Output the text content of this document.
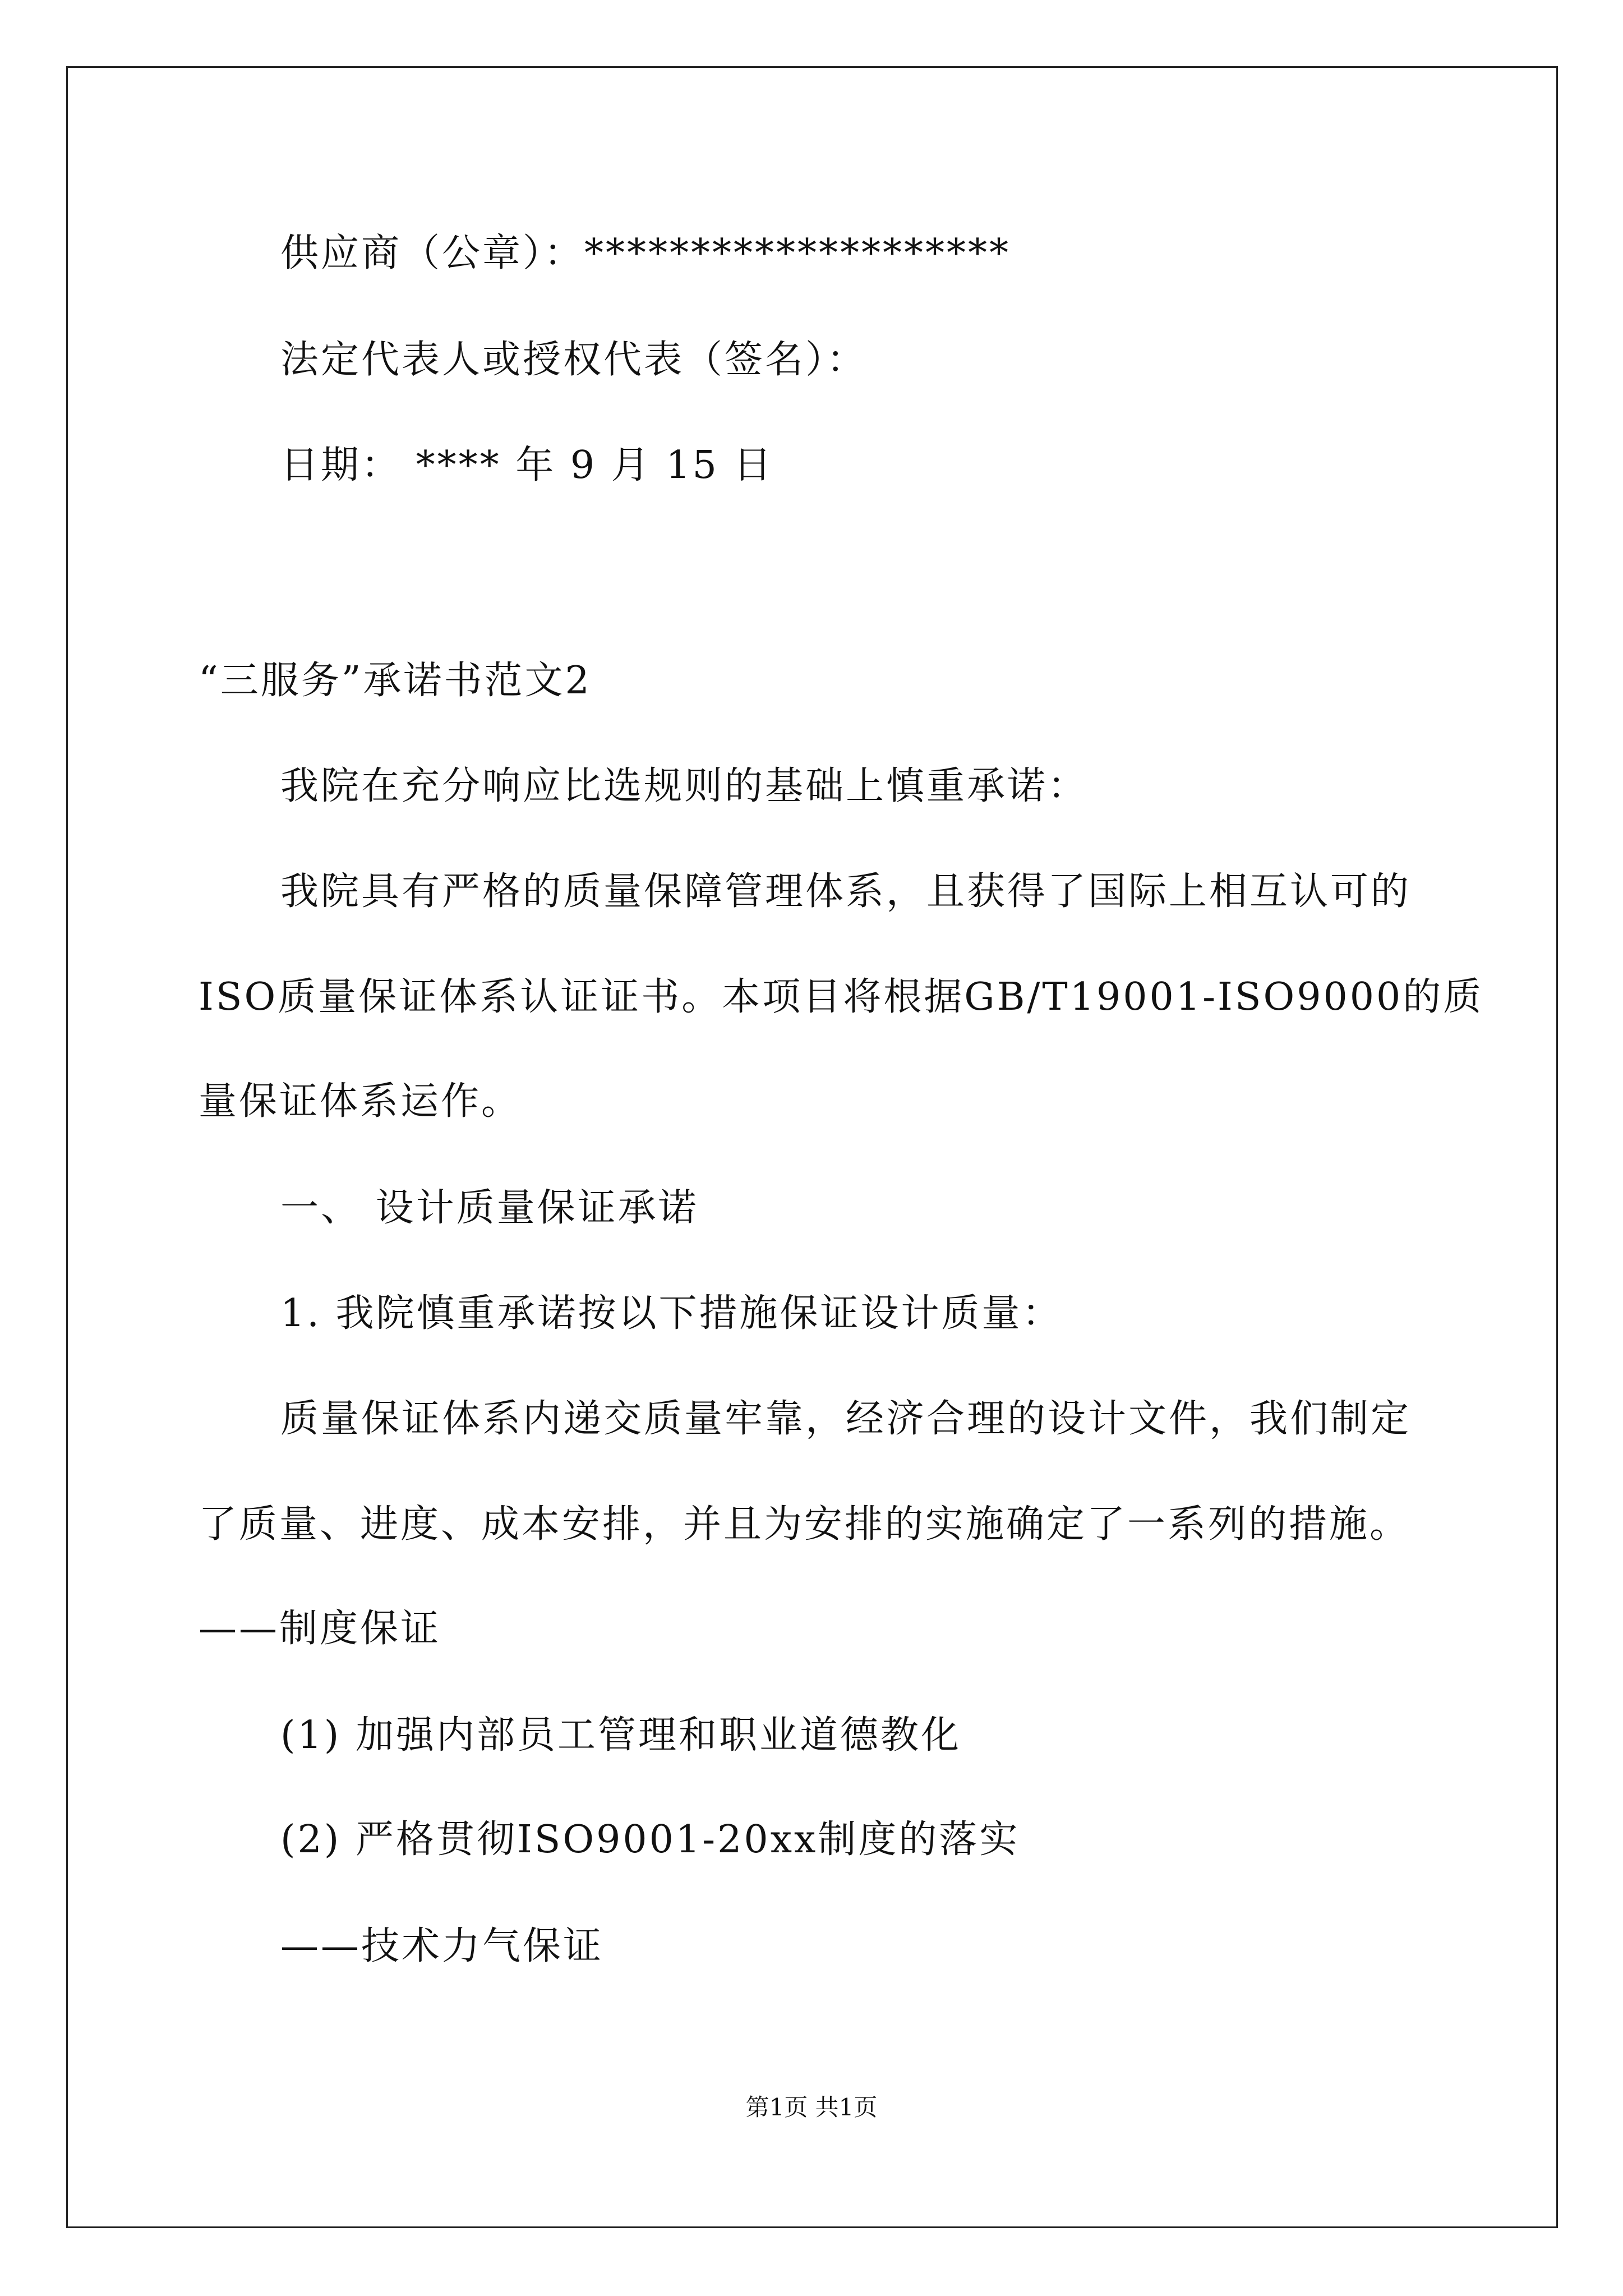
供应商（公章）：********************
法定代表人或授权代表（签名）：
日期： **** 年 9 月 15 日
“三服务”承诺书范文2
我院在充分响应比选规则的基础上慎重承诺：
我院具有严格的质量保障管理体系，且获得了国际上相互认可的
ISO质量保证体系认证证书。本项目将根据GB/T19001-ISO9000的质
量保证体系运作。
一、 设计质量保证承诺
1. 我院慎重承诺按以下措施保证设计质量：
质量保证体系内递交质量牢靠，经济合理的设计文件，我们制定
了质量、进度、成本安排，并且为安排的实施确定了一系列的措施。
——制度保证
(1) 加强内部员工管理和职业道德教化
(2) 严格贯彻ISO9001-20xx制度的落实
——技术力气保证
第1页 共1页
